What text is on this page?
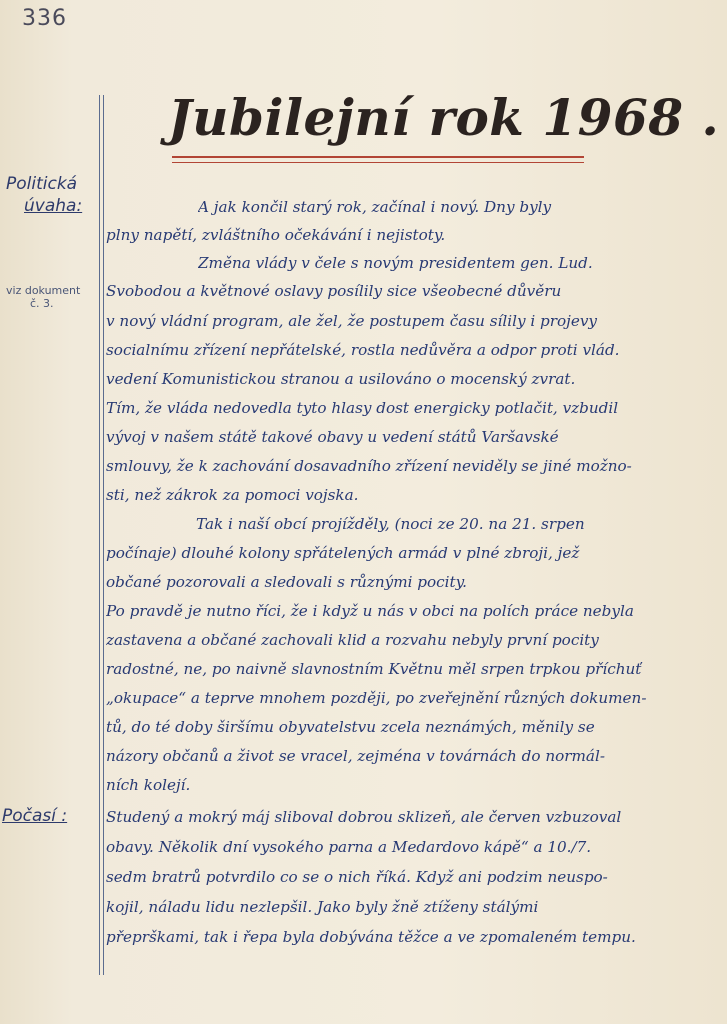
336
Jubilejní rok 1968 .
Politická
úvaha:
viz dokument
č. 3.
Počasí :
A jak končil starý rok, začínal i nový. Dny byly
plny napětí, zvláštního očekávání i nejistoty.
Změna vlády v čele s novým presidentem gen. Lud.
Svobodou a květnové oslavy posílily sice všeobecné důvěru
v nový vládní program, ale žel, že postupem času sílily i projevy
socialnímu zřízení nepřátelské, rostla nedůvěra a odpor proti vlád.
vedení Komunistickou stranou a usilováno o mocenský zvrat.
Tím, že vláda nedovedla tyto hlasy dost energicky potlačit, vzbudil
vývoj v našem státě takové obavy u vedení států Varšavské
smlouvy, že k zachování dosavadního zřízení neviděly se jiné možno-
sti, než zákrok za pomoci vojska.
Tak i naší obcí projížděly, (noci ze 20. na 21. srpen
počínaje) dlouhé kolony spřátelených armád v plné zbroji, jež
občané pozorovali a sledovali s různými pocity.
Po pravdě je nutno říci, že i když u nás v obci na polích práce nebyla
zastavena a občané zachovali klid a rozvahu nebyly první pocity
radostné, ne, po naivně slavnostním Květnu měl srpen trpkou příchuť
„okupace“ a teprve mnohem později, po zveřejnění různých dokumen-
tů, do té doby širšímu obyvatelstvu zcela neznámých, měnily se
názory občanů a život se vracel, zejména v továrnách do normál-
ních kolejí.
Studený a mokrý máj sliboval dobrou sklizeň, ale červen vzbuzoval
obavy. Několik dní vysokého parna a Medardovo kápě“ a 10./7.
sedm bratrů potvrdilo co se o nich říká. Když ani podzim neuspo-
kojil, náladu lidu nezlepšil. Jako byly žně ztíženy stálými
přeprškami, tak i řepa byla dobývána těžce a ve zpomaleném tempu.
